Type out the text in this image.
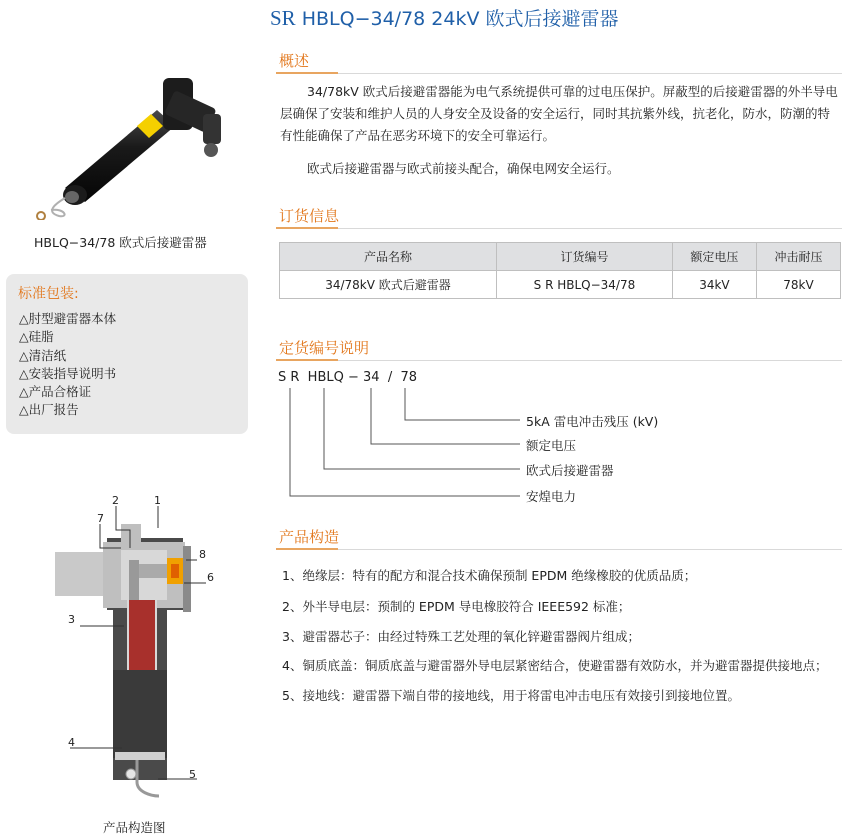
SR HBLQ−34/78 24kV 欧式后接避雷器
HBLQ−34/78 欧式后接避雷器
标准包装:
△肘型避雷器本体
△硅脂
△清洁纸
△安装指导说明书
△产品合格证
△出厂报告
1
2
3
4
5
6
7
8
产品构造图
概述
34/78kV 欧式后接避雷器能为电气系统提供可靠的过电压保护。屏蔽型的后接避雷器的外半导电层确保了安装和维护人员的人身安全及设备的安全运行，同时其抗紫外线，抗老化，防水，防潮的特有性能确保了产品在恶劣环境下的安全可靠运行。
欧式后接避雷器与欧式前接头配合，确保电网安全运行。
订货信息
产品名称	订货编号	额定电压	冲击耐压
34/78kV 欧式后避雷器	S R HBLQ−34/78	34kV	78kV
定货编号说明
S R  HBLQ − 34  /  78
5kA 雷电冲击残压 (kV)
额定电压
欧式后接避雷器
安煌电力
产品构造
1、绝缘层：特有的配方和混合技术确保预制 EPDM 绝缘橡胶的优质品质；
2、外半导电层：预制的 EPDM 导电橡胶符合 IEEE592 标准；
3、避雷器芯子：由经过特殊工艺处理的氧化锌避雷器阀片组成；
4、铜质底盖：铜质底盖与避雷器外导电层紧密结合，使避雷器有效防水，并为避雷器提供接地点；
5、接地线：避雷器下端自带的接地线，用于将雷电冲击电压有效接引到接地位置。
